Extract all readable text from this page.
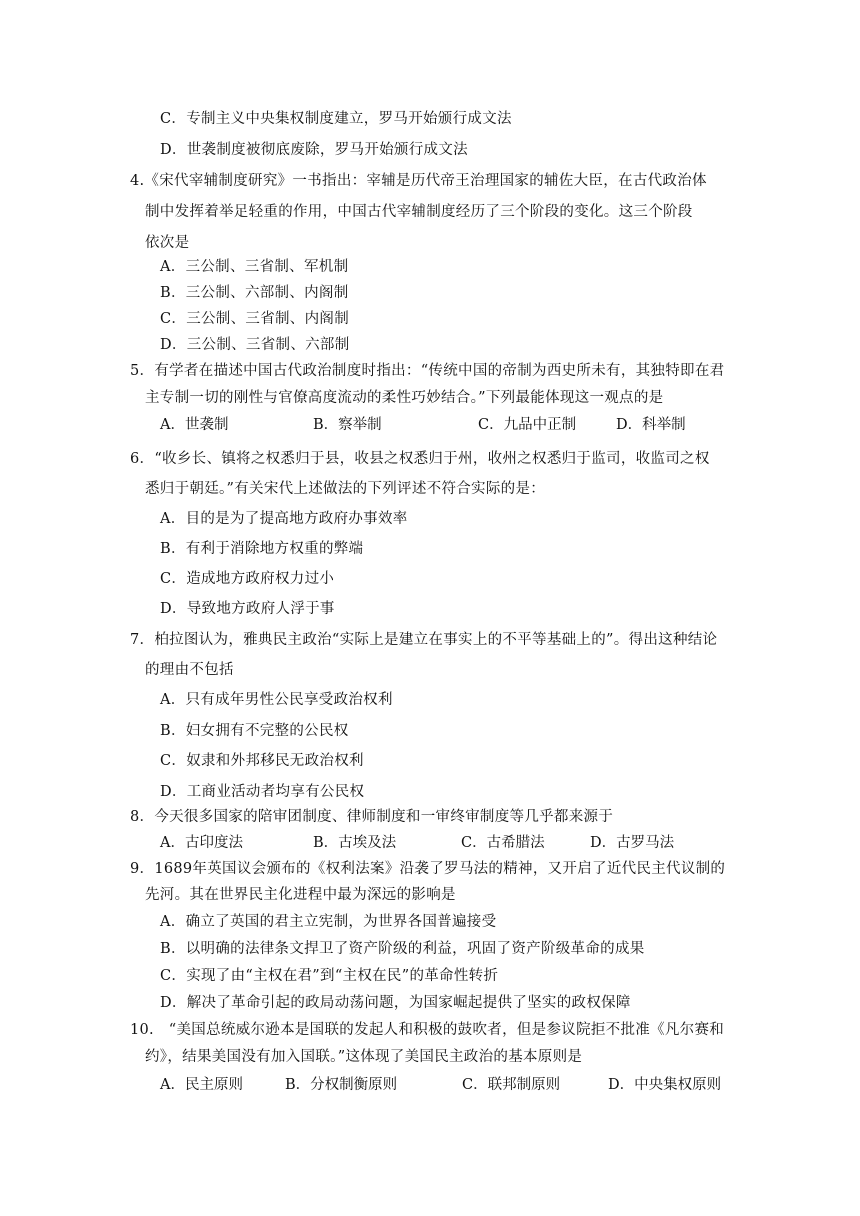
C．专制主义中央集权制度建立，罗马开始颁行成文法
D．世袭制度被彻底废除，罗马开始颁行成文法
4.《宋代宰辅制度研究》一书指出：宰辅是历代帝王治理国家的辅佐大臣，在古代政治体
制中发挥着举足轻重的作用，中国古代宰辅制度经历了三个阶段的变化。这三个阶段
依次是
A．三公制、三省制、军机制
B．三公制、六部制、内阁制
C．三公制、三省制、内阁制
D．三公制、三省制、六部制
5．有学者在描述中国古代政治制度时指出：“传统中国的帝制为西史所未有，其独特即在君
主专制一切的刚性与官僚高度流动的柔性巧妙结合。”下列最能体现这一观点的是
A．世袭制	B．察举制	C．九品中正制	D．科举制
6．“收乡长、镇将之权悉归于县，收县之权悉归于州，收州之权悉归于监司，收监司之权
悉归于朝廷。”有关宋代上述做法的下列评述不符合实际的是：
A．目的是为了提高地方政府办事效率
B．有利于消除地方权重的弊端
C．造成地方政府权力过小
D．导致地方政府人浮于事
7．柏拉图认为，雅典民主政治“实际上是建立在事实上的不平等基础上的”。得出这种结论
的理由不包括
A．只有成年男性公民享受政治权利
B．妇女拥有不完整的公民权
C．奴隶和外邦移民无政治权利
D．工商业活动者均享有公民权
8．今天很多国家的陪审团制度、律师制度和一审终审制度等几乎都来源于
A．古印度法	B．古埃及法	C．古希腊法	D．古罗马法
9．1689年英国议会颁布的《权利法案》沿袭了罗马法的精神，又开启了近代民主代议制的
先河。其在世界民主化进程中最为深远的影响是
A．确立了英国的君主立宪制，为世界各国普遍接受
B．以明确的法律条文捍卫了资产阶级的利益，巩固了资产阶级革命的成果
C．实现了由“主权在君”到“主权在民”的革命性转折
D．解决了革命引起的政局动荡问题，为国家崛起提供了坚实的政权保障
10.　“美国总统威尔逊本是国联的发起人和积极的鼓吹者，但是参议院拒不批准《凡尔赛和
约》，结果美国没有加入国联。”这体现了美国民主政治的基本原则是
A．民主原则	B．分权制衡原则	C．联邦制原则	D．中央集权原则
